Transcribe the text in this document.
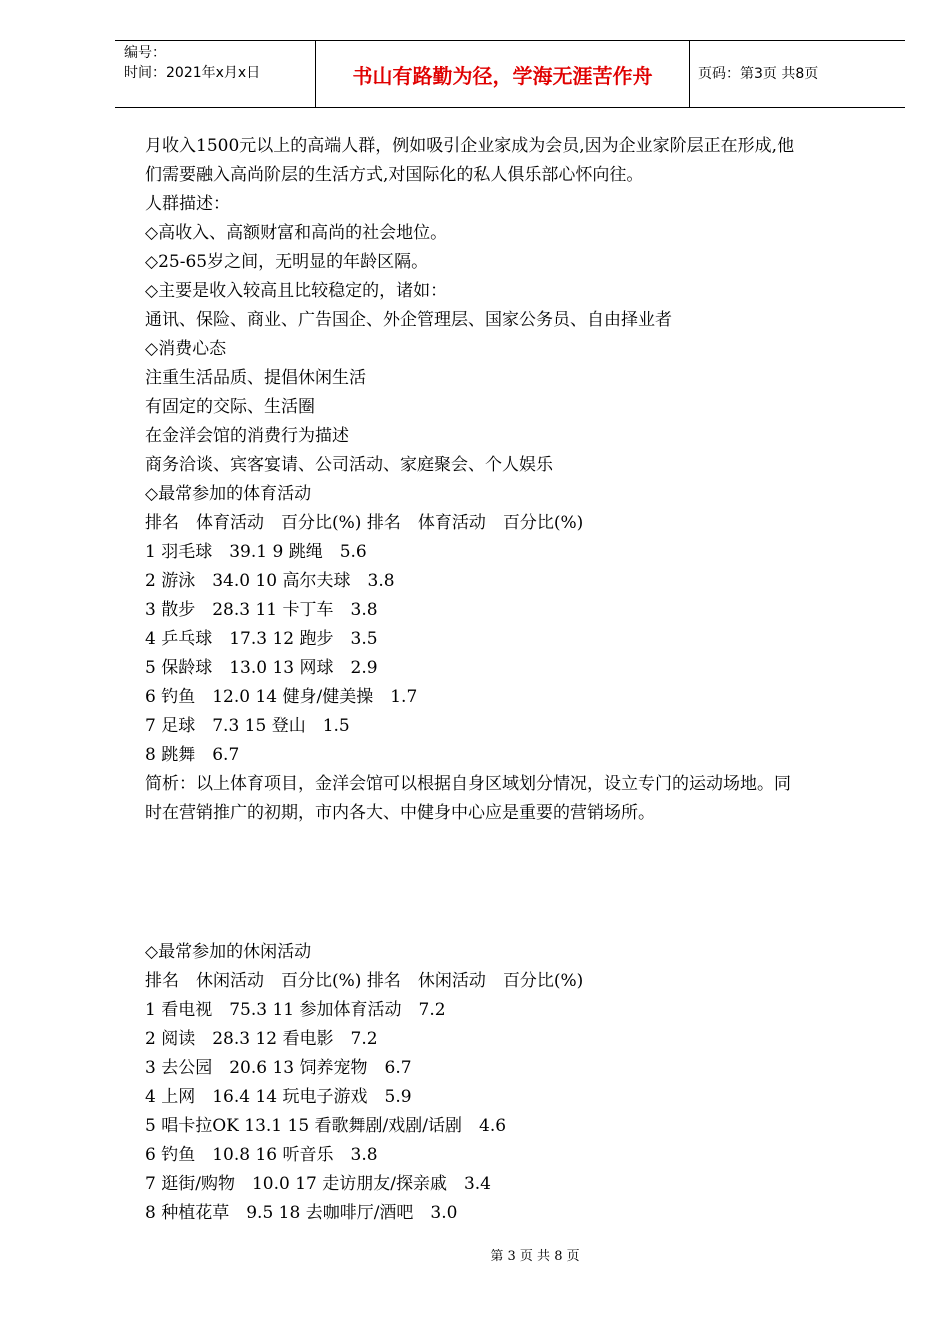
编号：
时间：2021年x月x日	书山有路勤为径，学海无涯苦作舟	页码：第3页 共8页

月收入1500元以上的高端人群，例如吸引企业家成为会员,因为企业家阶层正在形成,他

们需要融入高尚阶层的生活方式,对国际化的私人俱乐部心怀向往。

人群描述：

◇高收入、高额财富和高尚的社会地位。

◇25-65岁之间，无明显的年龄区隔。

◇主要是收入较高且比较稳定的，诸如：

通讯、保险、商业、广告国企、外企管理层、国家公务员、自由择业者

◇消费心态

注重生活品质、提倡休闲生活

有固定的交际、生活圈

在金洋会馆的消费行为描述

商务洽谈、宾客宴请、公司活动、家庭聚会、个人娱乐

◇最常参加的体育活动

排名　体育活动　百分比(%) 排名　体育活动　百分比(%)

1 羽毛球　39.1 9 跳绳　5.6

2 游泳　34.0 10 高尔夫球　3.8

3 散步　28.3 11 卡丁车　3.8

4 乒乓球　17.3 12 跑步　3.5

5 保龄球　13.0 13 网球　2.9

6 钓鱼　12.0 14 健身/健美操　1.7

7 足球　7.3 15 登山　1.5

8 跳舞　6.7

简析：以上体育项目，金洋会馆可以根据自身区域划分情况，设立专门的运动场地。同

时在营销推广的初期，市内各大、中健身中心应是重要的营销场所。

◇最常参加的休闲活动

排名　休闲活动　百分比(%) 排名　休闲活动　百分比(%)

1 看电视　75.3 11 参加体育活动　7.2

2 阅读　28.3 12 看电影　7.2

3 去公园　20.6 13 饲养宠物　6.7

4 上网　16.4 14 玩电子游戏　5.9

5 唱卡拉OK 13.1 15 看歌舞剧/戏剧/话剧　4.6

6 钓鱼　10.8 16 听音乐　3.8

7 逛街/购物　10.0 17 走访朋友/探亲戚　3.4

8 种植花草　9.5 18 去咖啡厅/酒吧　3.0

第 3 页 共 8 页
